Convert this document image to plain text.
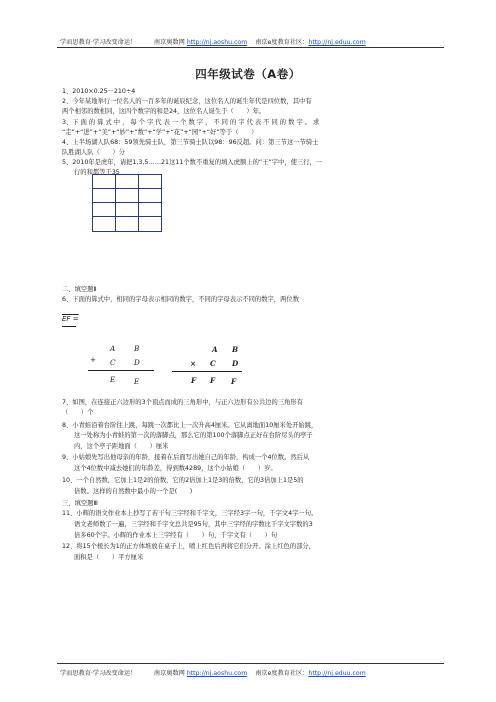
学而思教育·学习改变命运！	南京奥数网 http://nj.aoshu.com 南京e度教育社区：http://nj.eduu.com
四年级试卷（A卷）
1、2010×0.25－210÷4
2、今年某地举行一位名人的一百多年的诞辰纪念，这位名人的诞生年代是四位数，其中有
两个相邻的数相同，这四个数字的和是24，这位名人诞生于（　　）年。
3、下 面 的 算 式 中 ， 每 个 字 代 表 一 个 数 字 ， 不 同 的 字 代 表 不 同 的 数 字 。 求
“走”+“进”+“美”+“妙”+“数”+“学”+“花”+“园”+“好”等于（　　）
4、上半场湖人队68：59领先骑士队，第三节骑士队以98：96反超。问：第三节这一节骑士
队胜湖人队（　　）分
5、2010年是虎年，请把1,3,5……21这11个数不重复的填入虎额上的“王”字中，使三行，一
行的和都等于35
二、填空题Ⅱ
6、下面的算式中，相同的字母表示相同的数字，不同的字母表示不同的数字，两位数
EF =
A	B
+ C	D
E	E
A B
× C D
F F F
7、如图，在连接正六边形的3个顶点而成的三角形中，与正六边形有公共边的三角形有
（　　）个
8、小青蛙沿着台阶往上跳，每跳一次都比上一次升高4厘米。它从离地面10厘米处开始跳，
这一处称为小青蛙的第一次的落脚点，那么它的第100个落脚点正好在台阶尽头的亭子
内，这个亭子距地面（　　）厘米
9、小姑娘先写出他母亲的年龄，接着在后面写出她自己的年龄，构成一个4位数。然后从
这个4位数中减去她们的年龄差，得到数4289，这个小姑娘（　　）岁。
10、一个自然数，它加上1是2的倍数，它的2倍加上1是3的倍数，它的3倍加上1是5的
倍数。这样的自然数中最小的一个是(　　)
三、填空题Ⅲ
11、小辉的语文作业本上抄写了若干句三字经和千字文，三字经3字一句，千字文4字一句。
语文老师数了一遍，三字经和千字文总共是95句，其中三字经的字数比千字文字数的3
倍多60个字。小辉的作业本上三字经有（　　）句，千字文有（　　）句
12、将15个棱长为1的正方体堆放在桌子上，喷上红色后再将它们分开。涂上红色的部分，
面积是（　　）平方厘米
学而思教育·学习改变命运！	南京奥数网 http://nj.aoshu.com 南京e度教育社区：http://nj.eduu.com
